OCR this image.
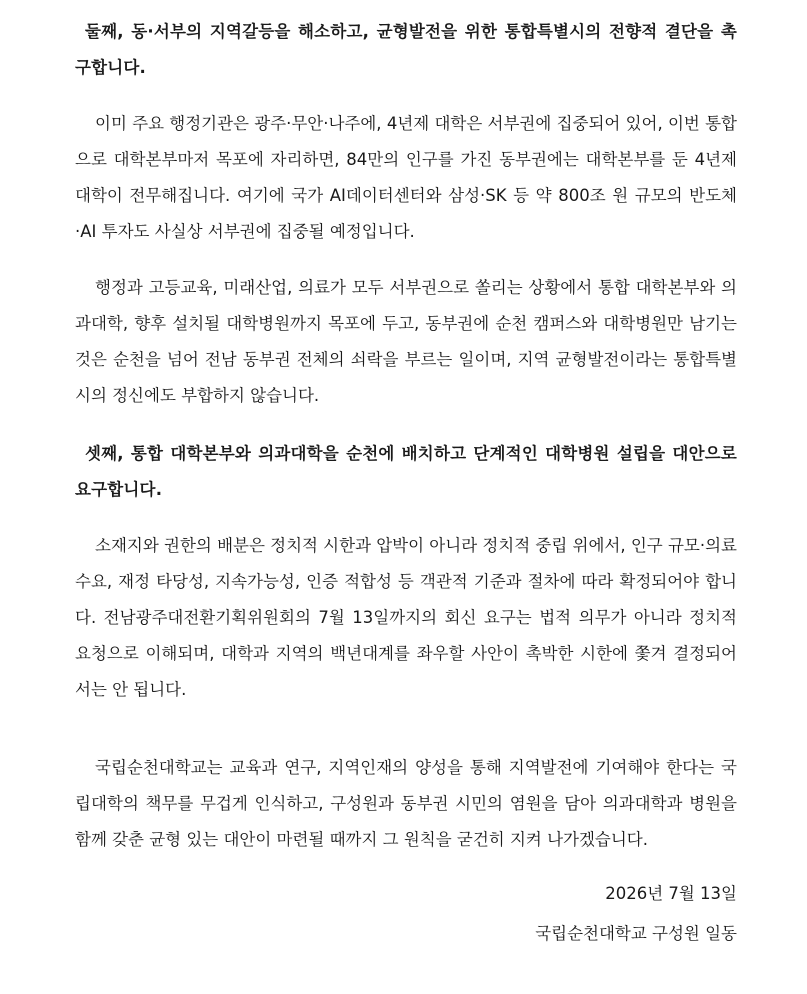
둘째, 동·서부의 지역갈등을 해소하고, 균형발전을 위한 통합특별시의 전향적 결단을 촉구합니다.

이미 주요 행정기관은 광주·무안·나주에, 4년제 대학은 서부권에 집중되어 있어, 이번 통합으로 대학본부마저 목포에 자리하면, 84만의 인구를 가진 동부권에는 대학본부를 둔 4년제 대학이 전무해집니다. 여기에 국가 AI데이터센터와 삼성·SK 등 약 800조 원 규모의 반도체·AI 투자도 사실상 서부권에 집중될 예정입니다.

행정과 고등교육, 미래산업, 의료가 모두 서부권으로 쏠리는 상황에서 통합 대학본부와 의과대학, 향후 설치될 대학병원까지 목포에 두고, 동부권에 순천 캠퍼스와 대학병원만 남기는 것은 순천을 넘어 전남 동부권 전체의 쇠락을 부르는 일이며, 지역 균형발전이라는 통합특별시의 정신에도 부합하지 않습니다.

셋째, 통합 대학본부와 의과대학을 순천에 배치하고 단계적인 대학병원 설립을 대안으로 요구합니다.

소재지와 권한의 배분은 정치적 시한과 압박이 아니라 정치적 중립 위에서, 인구 규모·의료 수요, 재정 타당성, 지속가능성, 인증 적합성 등 객관적 기준과 절차에 따라 확정되어야 합니다. 전남광주대전환기획위원회의 7월 13일까지의 회신 요구는 법적 의무가 아니라 정치적 요청으로 이해되며, 대학과 지역의 백년대계를 좌우할 사안이 촉박한 시한에 쫓겨 결정되어서는 안 됩니다.

국립순천대학교는 교육과 연구, 지역인재의 양성을 통해 지역발전에 기여해야 한다는 국립대학의 책무를 무겁게 인식하고, 구성원과 동부권 시민의 염원을 담아 의과대학과 병원을 함께 갖춘 균형 있는 대안이 마련될 때까지 그 원칙을 굳건히 지켜 나가겠습니다.

2026년 7월 13일

국립순천대학교 구성원 일동
